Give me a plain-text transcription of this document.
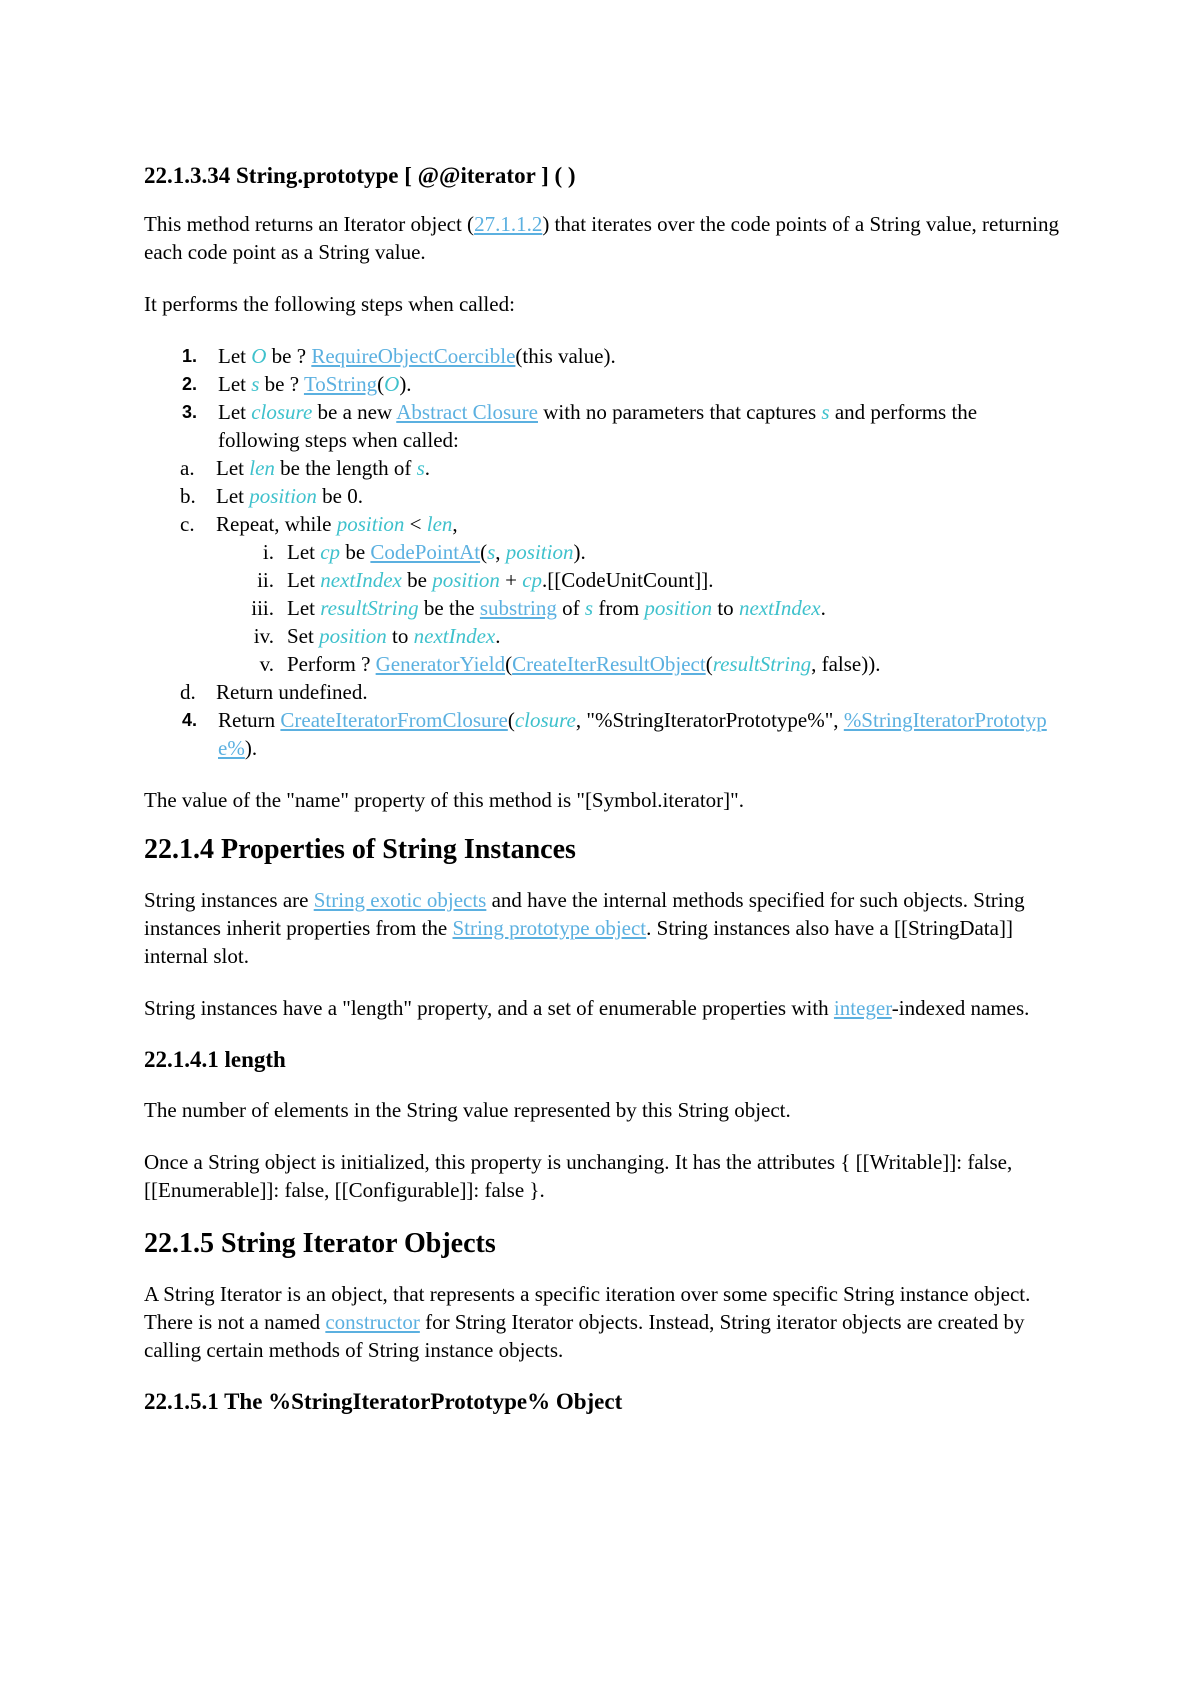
22.1.3.34 String.prototype [ @@iterator ] ( )

This method returns an Iterator object (27.1.1.2) that iterates over the code points of a String value, returning each code point as a String value.

It performs the following steps when called:

1. Let O be ? RequireObjectCoercible(this value).
2. Let s be ? ToString(O).
3. Let closure be a new Abstract Closure with no parameters that captures s and performs the following steps when called:
a. Let len be the length of s.
b. Let position be 0.
c. Repeat, while position < len,
i. Let cp be CodePointAt(s, position).
ii. Let nextIndex be position + cp.[[CodeUnitCount]].
iii. Let resultString be the substring of s from position to nextIndex.
iv. Set position to nextIndex.
v. Perform ? GeneratorYield(CreateIterResultObject(resultString, false)).
d. Return undefined.
4. Return CreateIteratorFromClosure(closure, "%StringIteratorPrototype%", %StringIteratorPrototype%).

The value of the "name" property of this method is "[Symbol.iterator]".

22.1.4 Properties of String Instances

String instances are String exotic objects and have the internal methods specified for such objects. String instances inherit properties from the String prototype object. String instances also have a [[StringData]] internal slot.

String instances have a "length" property, and a set of enumerable properties with integer-indexed names.

22.1.4.1 length

The number of elements in the String value represented by this String object.

Once a String object is initialized, this property is unchanging. It has the attributes { [[Writable]]: false, [[Enumerable]]: false, [[Configurable]]: false }.

22.1.5 String Iterator Objects

A String Iterator is an object, that represents a specific iteration over some specific String instance object. There is not a named constructor for String Iterator objects. Instead, String iterator objects are created by calling certain methods of String instance objects.

22.1.5.1 The %StringIteratorPrototype% Object
